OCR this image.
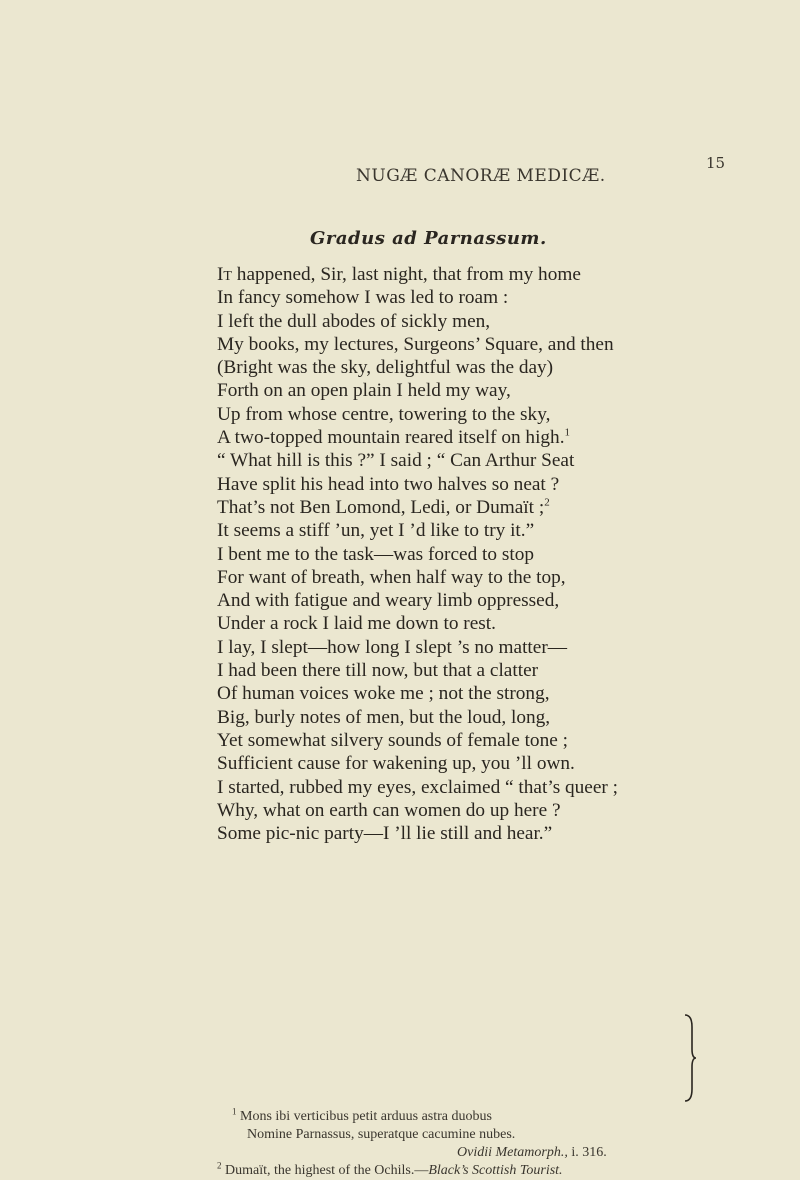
NUGÆ CANORÆ MEDICÆ.
15
Gradus ad Parnassum.
It happened, Sir, last night, that from my home
In fancy somehow I was led to roam :
I left the dull abodes of sickly men,
My books, my lectures, Surgeons’ Square, and then
(Bright was the sky, delightful was the day)
Forth on an open plain I held my way,
Up from whose centre, towering to the sky,
A two-topped mountain reared itself on high.$^1$
“ What hill is this ?” I said ; “ Can Arthur Seat
Have split his head into two halves so neat ?
That’s not Ben Lomond, Ledi, or Dumaït ;$^2$
It seems a stiff ’un, yet I ’d like to try it.”
I bent me to the task—was forced to stop
For want of breath, when half way to the top,
And with fatigue and weary limb oppressed,
Under a rock I laid me down to rest.
I lay, I slept—how long I slept ’s no matter—
I had been there till now, but that a clatter
Of human voices woke me ; not the strong,
Big, burly notes of men, but the loud, long,
Yet somewhat silvery sounds of female tone ;
Sufficient cause for wakening up, you ’ll own.
I started, rubbed my eyes, exclaimed “ that’s queer ;
Why, what on earth can women do up here ?
Some pic-nic party—I ’ll lie still and hear.”
$^1$ Mons ibi verticibus petit arduus astra duobus
Nomine Parnassus, superatque cacumine nubes.
Ovidii Metamorph., i. 316.
$^2$ Dumaït, the highest of the Ochils.—Black’s Scottish Tourist.
